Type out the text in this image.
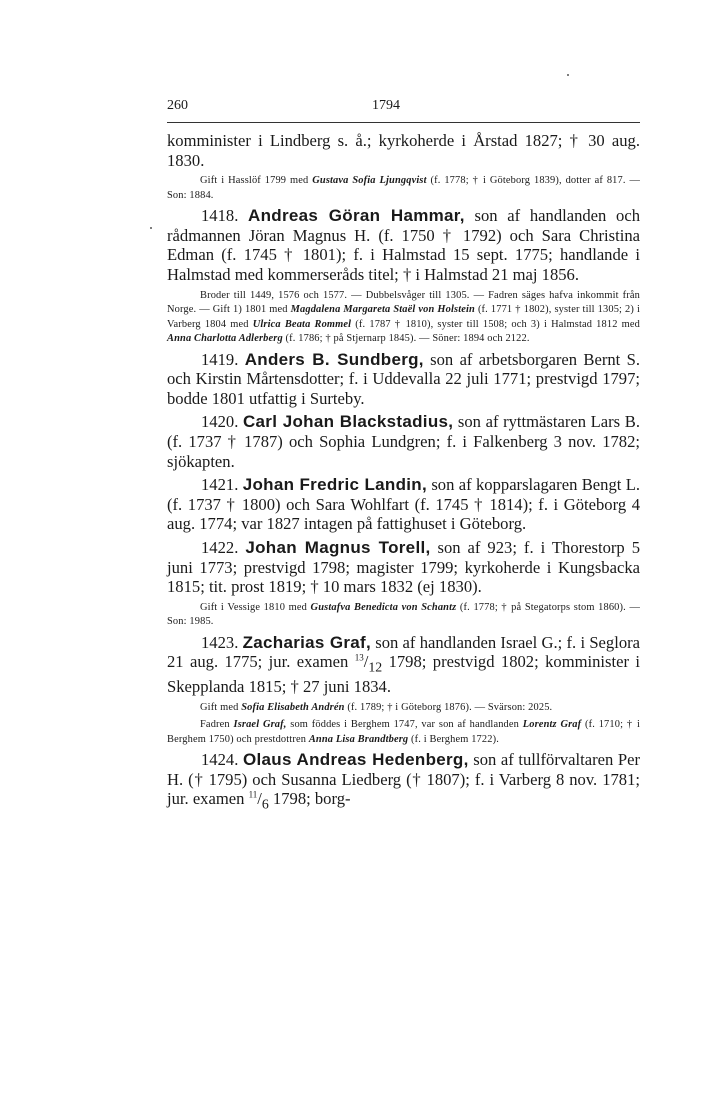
260	1794

komminister i Lindberg s. å.; kyrkoherde i Årstad 1827; † 30 aug. 1830.

Gift i Hasslöf 1799 med Gustava Sofia Ljungqvist (f. 1778; † i Göteborg 1839), dotter af 817. — Son: 1884.

1418. Andreas Göran Hammar, son af handlanden och rådmannen Jöran Magnus H. (f. 1750 † 1792) och Sara Christina Edman (f. 1745 † 1801); f. i Halmstad 15 sept. 1775; handlande i Halmstad med kommerseråds titel; † i Halmstad 21 maj 1856.

Broder till 1449, 1576 och 1577. — Dubbelsvåger till 1305. — Fadren säges hafva inkommit från Norge. — Gift 1) 1801 med Magdalena Margareta Staël von Holstein (f. 1771 † 1802), syster till 1305; 2) i Varberg 1804 med Ulrica Beata Rommel (f. 1787 † 1810), syster till 1508; och 3) i Halmstad 1812 med Anna Charlotta Adlerberg (f. 1786; † på Stjernarp 1845). — Söner: 1894 och 2122.

1419. Anders B. Sundberg, son af arbetsborgaren Bernt S. och Kirstin Mårtensdotter; f. i Uddevalla 22 juli 1771; prestvigd 1797; bodde 1801 utfattig i Surteby.

1420. Carl Johan Blackstadius, son af ryttmästaren Lars B. (f. 1737 † 1787) och Sophia Lundgren; f. i Falkenberg 3 nov. 1782; sjökapten.

1421. Johan Fredric Landin, son af kopparslagaren Bengt L. (f. 1737 † 1800) och Sara Wohlfart (f. 1745 † 1814); f. i Göteborg 4 aug. 1774; var 1827 intagen på fattighuset i Göteborg.

1422. Johan Magnus Torell, son af 923; f. i Thorestorp 5 juni 1773; prestvigd 1798; magister 1799; kyrkoherde i Kungsbacka 1815; tit. prost 1819; † 10 mars 1832 (ej 1830).

Gift i Vessige 1810 med Gustafva Benedicta von Schantz (f. 1778; † på Stegatorps stom 1860). — Son: 1985.

1423. Zacharias Graf, son af handlanden Israel G.; f. i Seglora 21 aug. 1775; jur. examen $^{13}/_{12}$ 1798; prestvigd 1802; komminister i Skepplanda 1815; † 27 juni 1834.

Gift med Sofia Elisabeth Andrén (f. 1789; † i Göteborg 1876). — Svärson: 2025.

Fadren Israel Graf, som föddes i Berghem 1747, var son af handlanden Lorentz Graf (f. 1710; † i Berghem 1750) och prestdottren Anna Lisa Brandtberg (f. i Berghem 1722).

1424. Olaus Andreas Hedenberg, son af tullförvaltaren Per H. († 1795) och Susanna Liedberg († 1807); f. i Varberg 8 nov. 1781; jur. examen $^{11}/_6$ 1798; borg-
